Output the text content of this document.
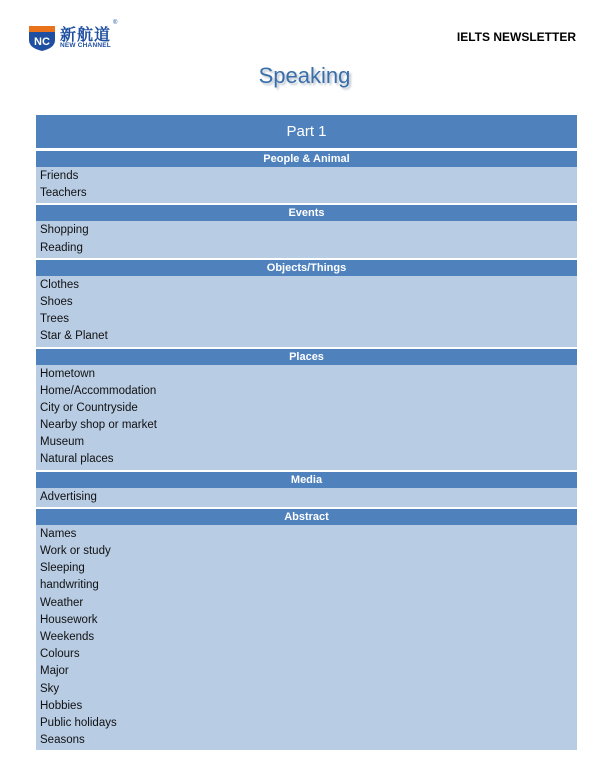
NC 新航道
®
NEW CHANNEL
IELTS NEWSLETTER
Speaking
Part 1
People & Animal
Friends
Teachers
Events
Shopping
Reading
Objects/Things
Clothes
Shoes
Trees
Star & Planet
Places
Hometown
Home/Accommodation
City or Countryside
Nearby shop or market
Museum
Natural places
Media
Advertising
Abstract
Names
Work or study
Sleeping
handwriting
Weather
Housework
Weekends
Colours
Major
Sky
Hobbies
Public holidays
Seasons
